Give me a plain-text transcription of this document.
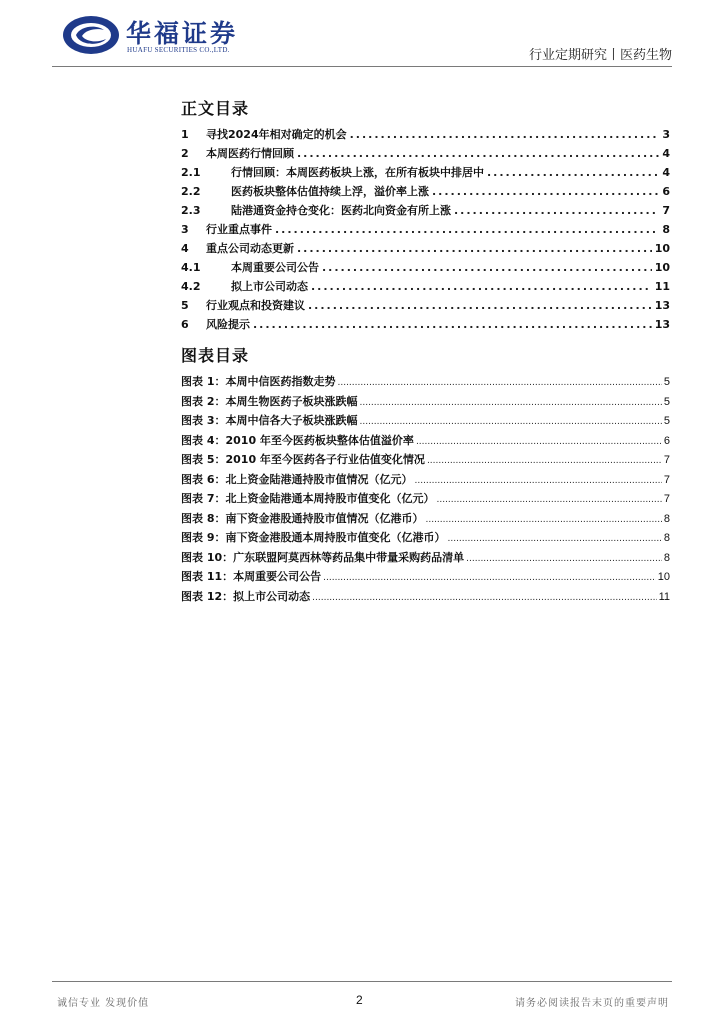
华福证券
HUAFU SECURITIES CO.,LTD.	行业定期研究丨医药生物
正文目录
1	寻找2024年相对确定的机会 .....	3
2	本周医药行情回顾 .....	4
2.1	行情回顾：本周医药板块上涨，在所有板块中排居中 .....	4
2.2	医药板块整体估值持续上浮，溢价率上涨 .....	6
2.3	陆港通资金持仓变化：医药北向资金有所上涨 .....	7
3	行业重点事件 .....	8
4	重点公司动态更新 .....	10
4.1	本周重要公司公告 .....	10
4.2	拟上市公司动态 .....	11
5	行业观点和投资建议 .....	13
6	风险提示 .....	13
图表目录
图表 1：本周中信医药指数走势 .....	5
图表 2：本周生物医药子板块涨跌幅 .....	5
图表 3：本周中信各大子板块涨跌幅 .....	5
图表 4：2010 年至今医药板块整体估值溢价率 .....	6
图表 5：2010 年至今医药各子行业估值变化情况 .....	7
图表 6：北上资金陆港通持股市值情况（亿元） .....	7
图表 7：北上资金陆港通本周持股市值变化（亿元） .....	7
图表 8：南下资金港股通持股市值情况（亿港币） .....	8
图表 9：南下资金港股通本周持股市值变化（亿港币） .....	8
图表 10：广东联盟阿莫西林等药品集中带量采购药品清单 .....	8
图表 11：本周重要公司公告 .....	10
图表 12：拟上市公司动态 .....	11
诚信专业 发现价值	2	请务必阅读报告末页的重要声明
